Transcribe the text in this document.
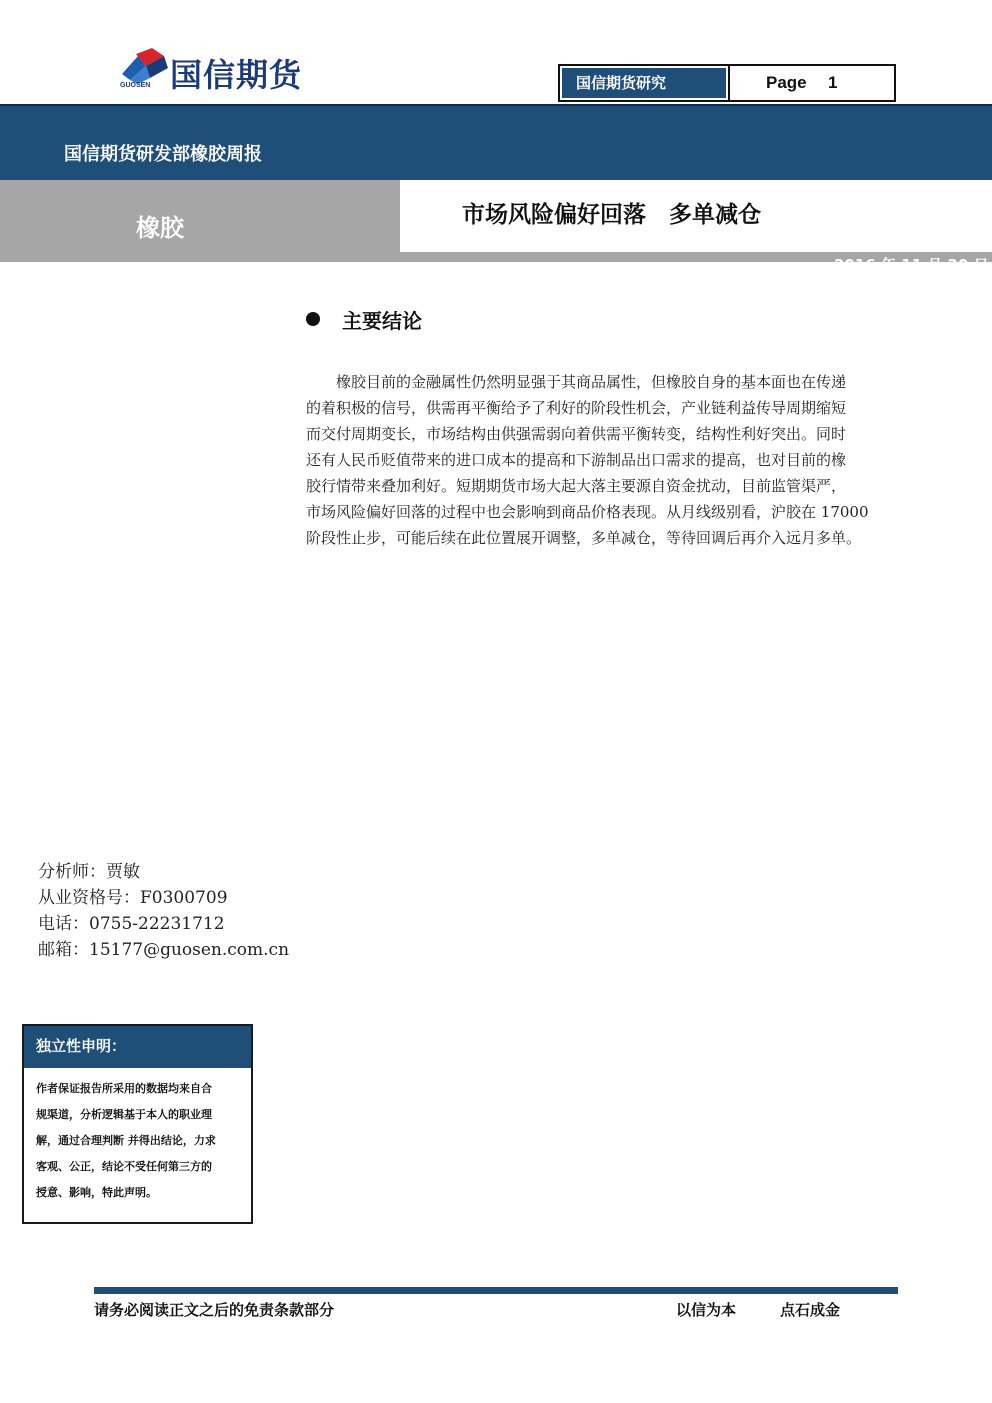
国信期货
GUOSEN	国信期货研究	Page 1
国信期货研发部橡胶周报
橡胶	市场风险偏好回落　多单减仓
2016 年 11 月 20 日
主要结论
　　橡胶目前的金融属性仍然明显强于其商品属性，但橡胶自身的基本面也在传递
的着积极的信号，供需再平衡给予了利好的阶段性机会，产业链利益传导周期缩短
而交付周期变长，市场结构由供强需弱向着供需平衡转变，结构性利好突出。同时
还有人民币贬值带来的进口成本的提高和下游制品出口需求的提高，也对目前的橡
胶行情带来叠加利好。短期期货市场大起大落主要源自资金扰动，目前监管渠严，
市场风险偏好回落的过程中也会影响到商品价格表现。从月线级别看，沪胶在 17000
阶段性止步，可能后续在此位置展开调整，多单减仓，等待回调后再介入远月多单。
分析师：贾敏
从业资格号：F0300709
电话：0755-22231712
邮箱：15177@guosen.com.cn
独立性申明：
作者保证报告所采用的数据均来自合
规渠道，分析逻辑基于本人的职业理
解，通过合理判断 并得出结论，力求
客观、公正，结论不受任何第三方的
授意、影响，特此声明。
请务必阅读正文之后的免责条款部分	以信为本	点石成金
